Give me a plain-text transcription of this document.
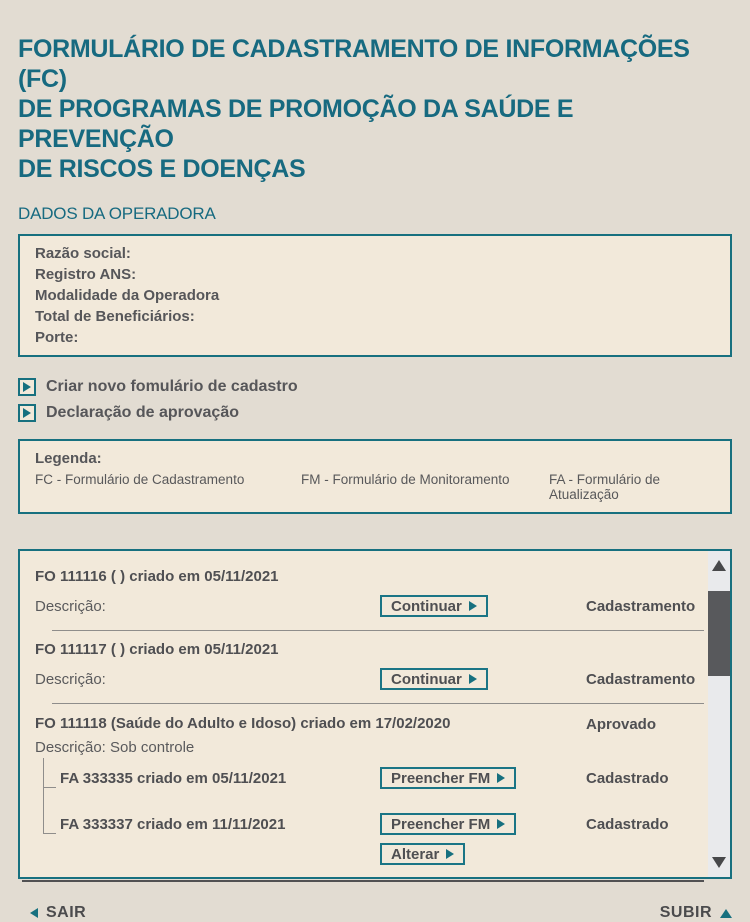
FORMULÁRIO DE CADASTRAMENTO DE INFORMAÇÕES (FC)
DE PROGRAMAS DE PROMOÇÃO DA SAÚDE E PREVENÇÃO
DE RISCOS E DOENÇAS
DADOS DA OPERADORA
Razão social:
Registro ANS:
Modalidade da Operadora
Total de Beneficiários:
Porte:
Criar novo fomulário de cadastro
Declaração de aprovação
Legenda:
FC - Formulário de Cadastramento	FM - Formulário de Monitoramento	FA - Formulário de Atualização
FO 111116 ( ) criado em 05/11/2021
Descrição:	Continuar	Cadastramento
FO 111117 ( ) criado em 05/11/2021
Descrição:	Continuar	Cadastramento
FO 111118 (Saúde do Adulto e Idoso) criado em 17/02/2020	Aprovado
Descrição: Sob controle
FA 333335 criado em 05/11/2021	Preencher FM	Cadastrado
FA 333337 criado em 11/11/2021	Preencher FM	Cadastrado
Alterar
SAIR	SUBIR
